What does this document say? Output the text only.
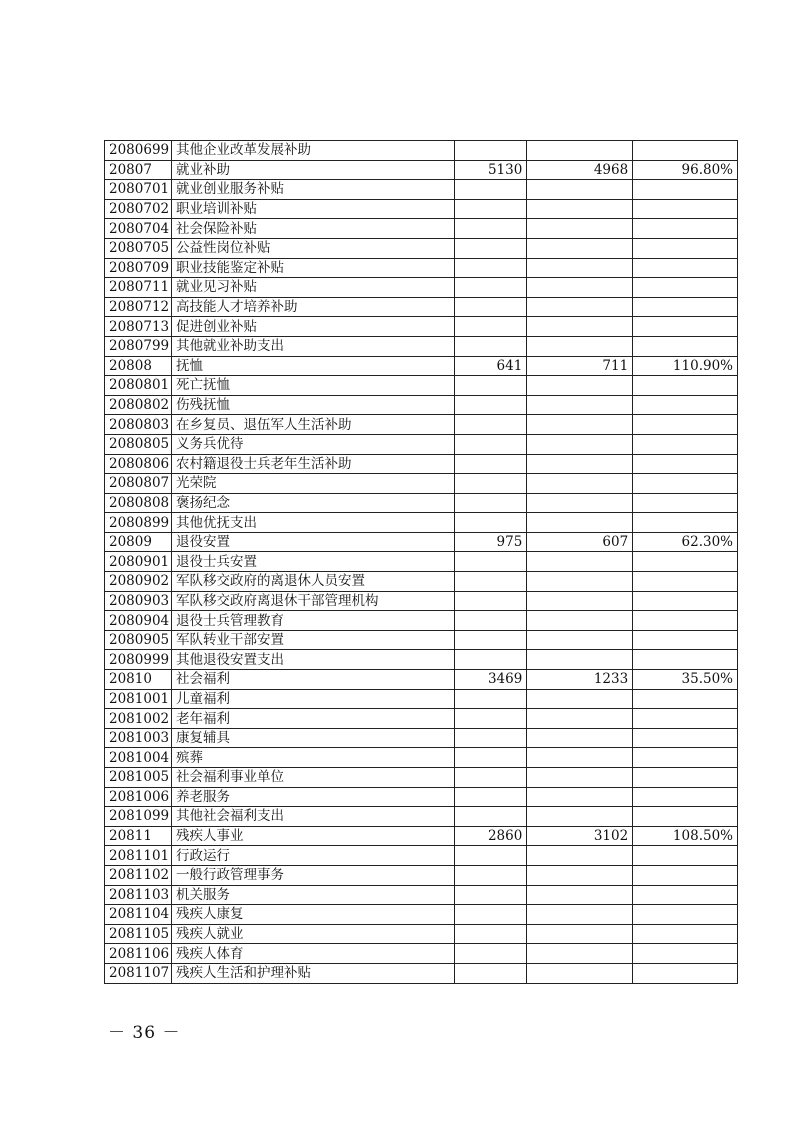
2080699	其他企业改革发展补助			
20807	就业补助	5130	4968	96.80%
2080701	就业创业服务补贴			
2080702	职业培训补贴			
2080704	社会保险补贴			
2080705	公益性岗位补贴			
2080709	职业技能鉴定补贴			
2080711	就业见习补贴			
2080712	高技能人才培养补助			
2080713	促进创业补贴			
2080799	其他就业补助支出			
20808	抚恤	641	711	110.90%
2080801	死亡抚恤			
2080802	伤残抚恤			
2080803	在乡复员、退伍军人生活补助			
2080805	义务兵优待			
2080806	农村籍退役士兵老年生活补助			
2080807	光荣院			
2080808	褒扬纪念			
2080899	其他优抚支出			
20809	退役安置	975	607	62.30%
2080901	退役士兵安置			
2080902	军队移交政府的离退休人员安置			
2080903	军队移交政府离退休干部管理机构			
2080904	退役士兵管理教育			
2080905	军队转业干部安置			
2080999	其他退役安置支出			
20810	社会福利	3469	1233	35.50%
2081001	儿童福利			
2081002	老年福利			
2081003	康复辅具			
2081004	殡葬			
2081005	社会福利事业单位			
2081006	养老服务			
2081099	其他社会福利支出			
20811	残疾人事业	2860	3102	108.50%
2081101	行政运行			
2081102	一般行政管理事务			
2081103	机关服务			
2081104	残疾人康复			
2081105	残疾人就业			
2081106	残疾人体育			
2081107	残疾人生活和护理补贴			
－ 36 －
